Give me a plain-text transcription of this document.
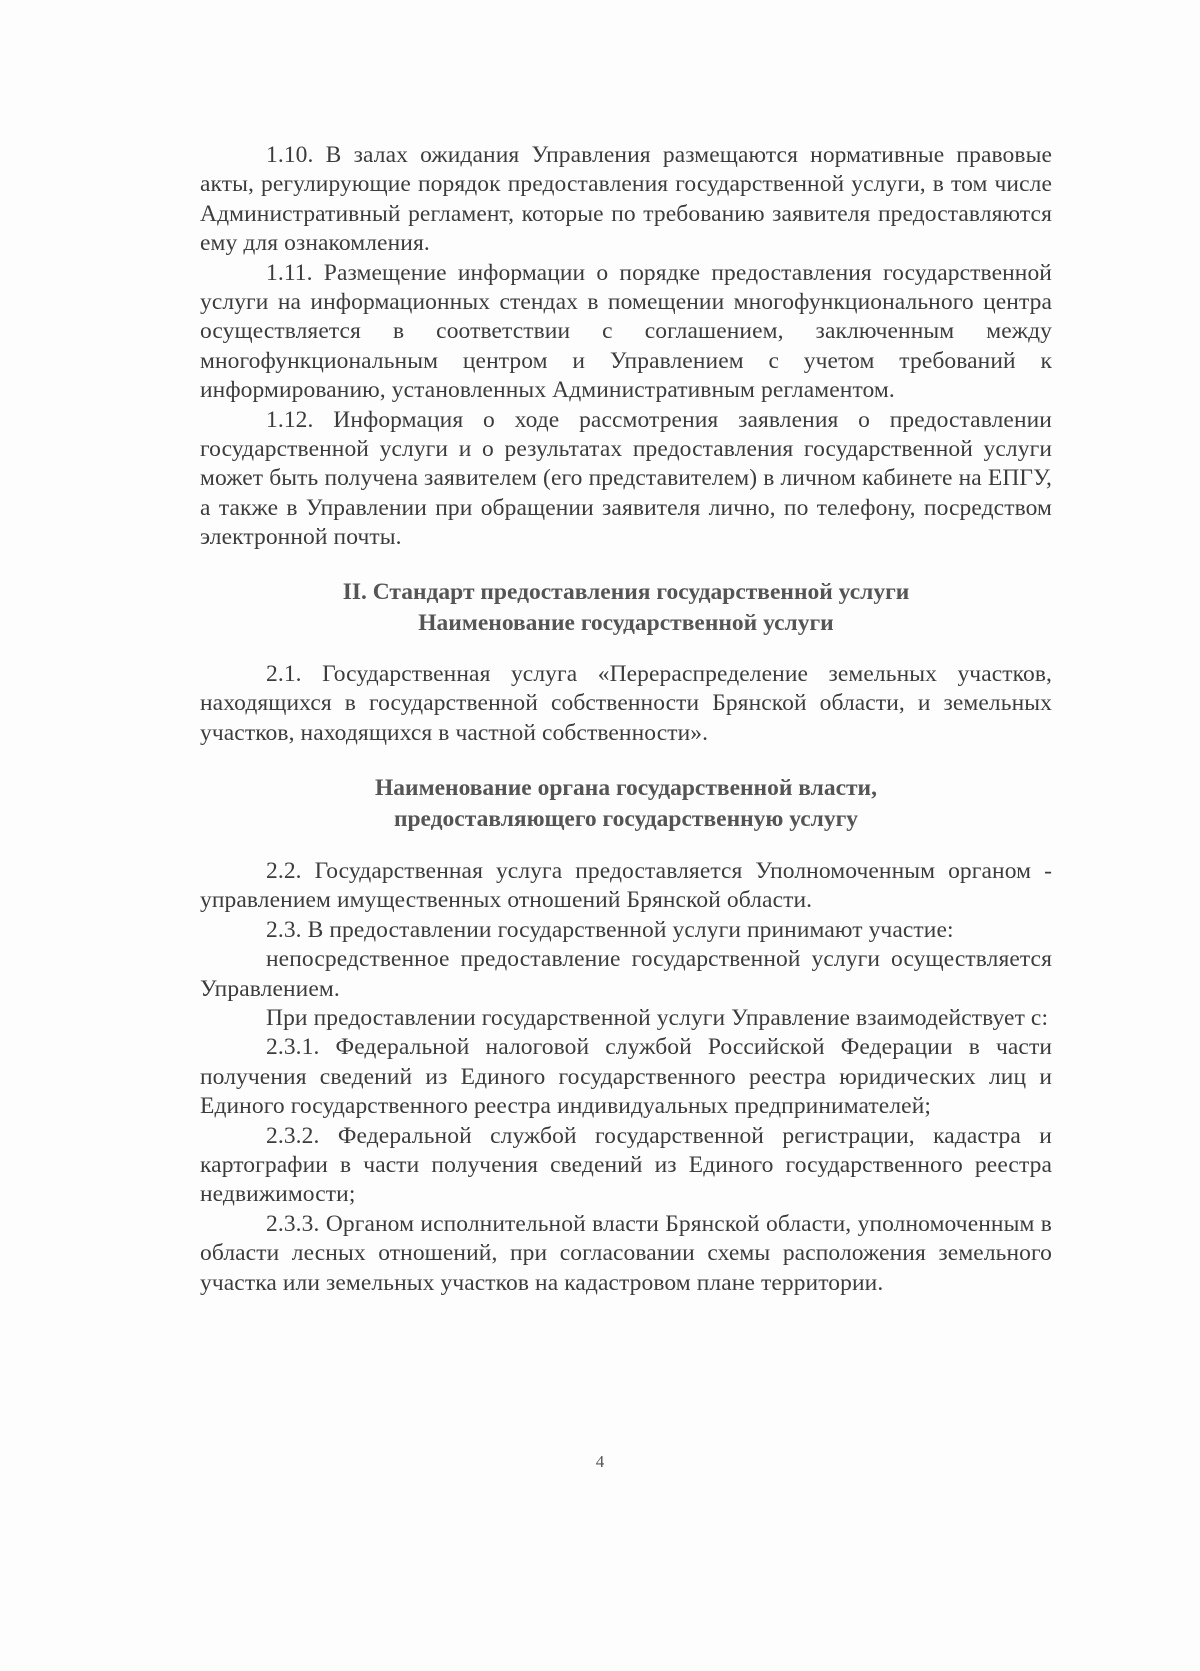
1.10. В залах ожидания Управления размещаются нормативные правовые акты, регулирующие порядок предоставления государственной услуги, в том числе Административный регламент, которые по требованию заявителя предоставляются ему для ознакомления.

1.11. Размещение информации о порядке предоставления государственной услуги на информационных стендах в помещении многофункционального центра осуществляется в соответствии с соглашением, заключенным между многофункциональным центром и Управлением с учетом требований к информированию, установленных Административным регламентом.

1.12. Информация о ходе рассмотрения заявления о предоставлении государственной услуги и о результатах предоставления государственной услуги может быть получена заявителем (его представителем) в личном кабинете на ЕПГУ, а также в Управлении при обращении заявителя лично, по телефону, посредством электронной почты.

II. Стандарт предоставления государственной услуги
Наименование государственной услуги

2.1. Государственная услуга «Перераспределение земельных участков, находящихся в государственной собственности Брянской области, и земельных участков, находящихся в частной собственности».

Наименование органа государственной власти,
предоставляющего государственную услугу

2.2. Государственная услуга предоставляется Уполномоченным органом - управлением имущественных отношений Брянской области.

2.3. В предоставлении государственной услуги принимают участие:

непосредственное предоставление государственной услуги осуществляется Управлением.

При предоставлении государственной услуги Управление взаимодействует с:

2.3.1. Федеральной налоговой службой Российской Федерации в части получения сведений из Единого государственного реестра юридических лиц и Единого государственного реестра индивидуальных предпринимателей;

2.3.2. Федеральной службой государственной регистрации, кадастра и картографии в части получения сведений из Единого государственного реестра недвижимости;

2.3.3. Органом исполнительной власти Брянской области, уполномоченным в области лесных отношений, при согласовании схемы расположения земельного участка или земельных участков на кадастровом плане территории.

4
